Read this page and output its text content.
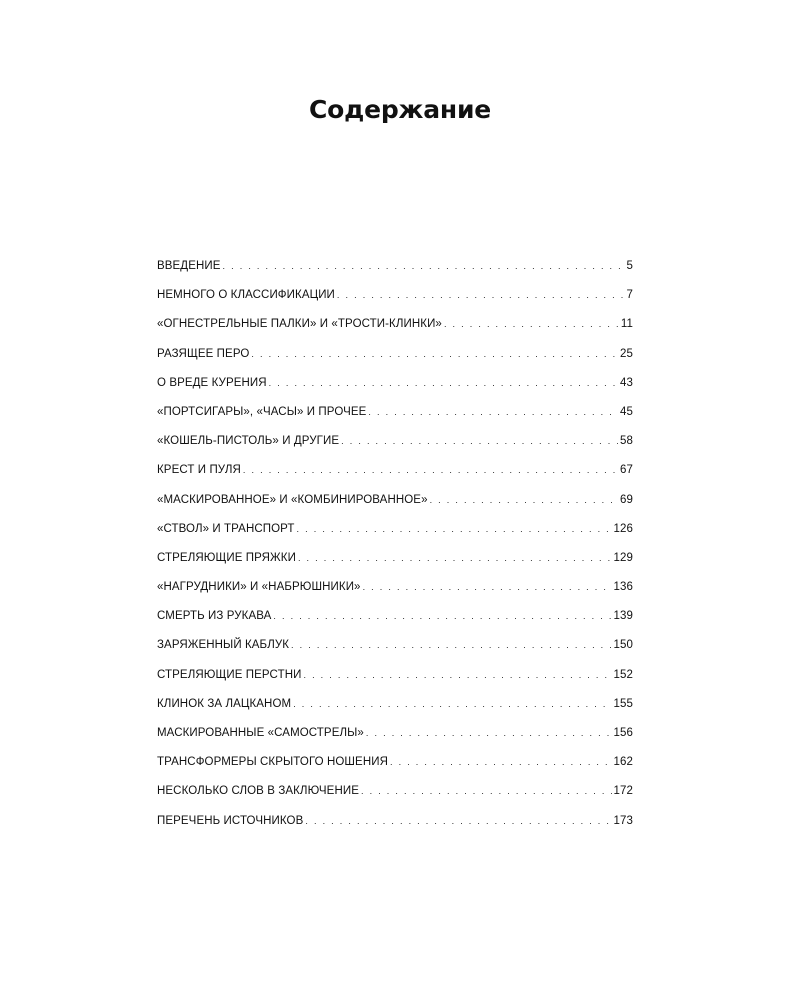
Содержание
ВВЕДЕНИЕ . . .	5
НЕМНОГО О КЛАССИФИКАЦИИ . . .	7
«ОГНЕСТРЕЛЬНЫЕ ПАЛКИ» И «ТРОСТИ-КЛИНКИ» . . .	11
РАЗЯЩЕЕ ПЕРО . . .	25
О ВРЕДЕ КУРЕНИЯ . . .	43
«ПОРТСИГАРЫ», «ЧАСЫ» И ПРОЧЕЕ . . .	45
«КОШЕЛЬ-ПИСТОЛЬ» И ДРУГИЕ . . .	58
КРЕСТ И ПУЛЯ . . .	67
«МАСКИРОВАННОЕ» И «КОМБИНИРОВАННОЕ» . . .	69
«СТВОЛ» И ТРАНСПОРТ . . .	126
СТРЕЛЯЮЩИЕ ПРЯЖКИ . . .	129
«НАГРУДНИКИ» И «НАБРЮШНИКИ» . . .	136
СМЕРТЬ ИЗ РУКАВА . . .	139
ЗАРЯЖЕННЫЙ КАБЛУК . . .	150
СТРЕЛЯЮЩИЕ ПЕРСТНИ . . .	152
КЛИНОК ЗА ЛАЦКАНОМ . . .	155
МАСКИРОВАННЫЕ «САМОСТРЕЛЫ» . . .	156
ТРАНСФОРМЕРЫ СКРЫТОГО НОШЕНИЯ . . .	162
НЕСКОЛЬКО СЛОВ В ЗАКЛЮЧЕНИЕ . . .	172
ПЕРЕЧЕНЬ ИСТОЧНИКОВ . . .	173
